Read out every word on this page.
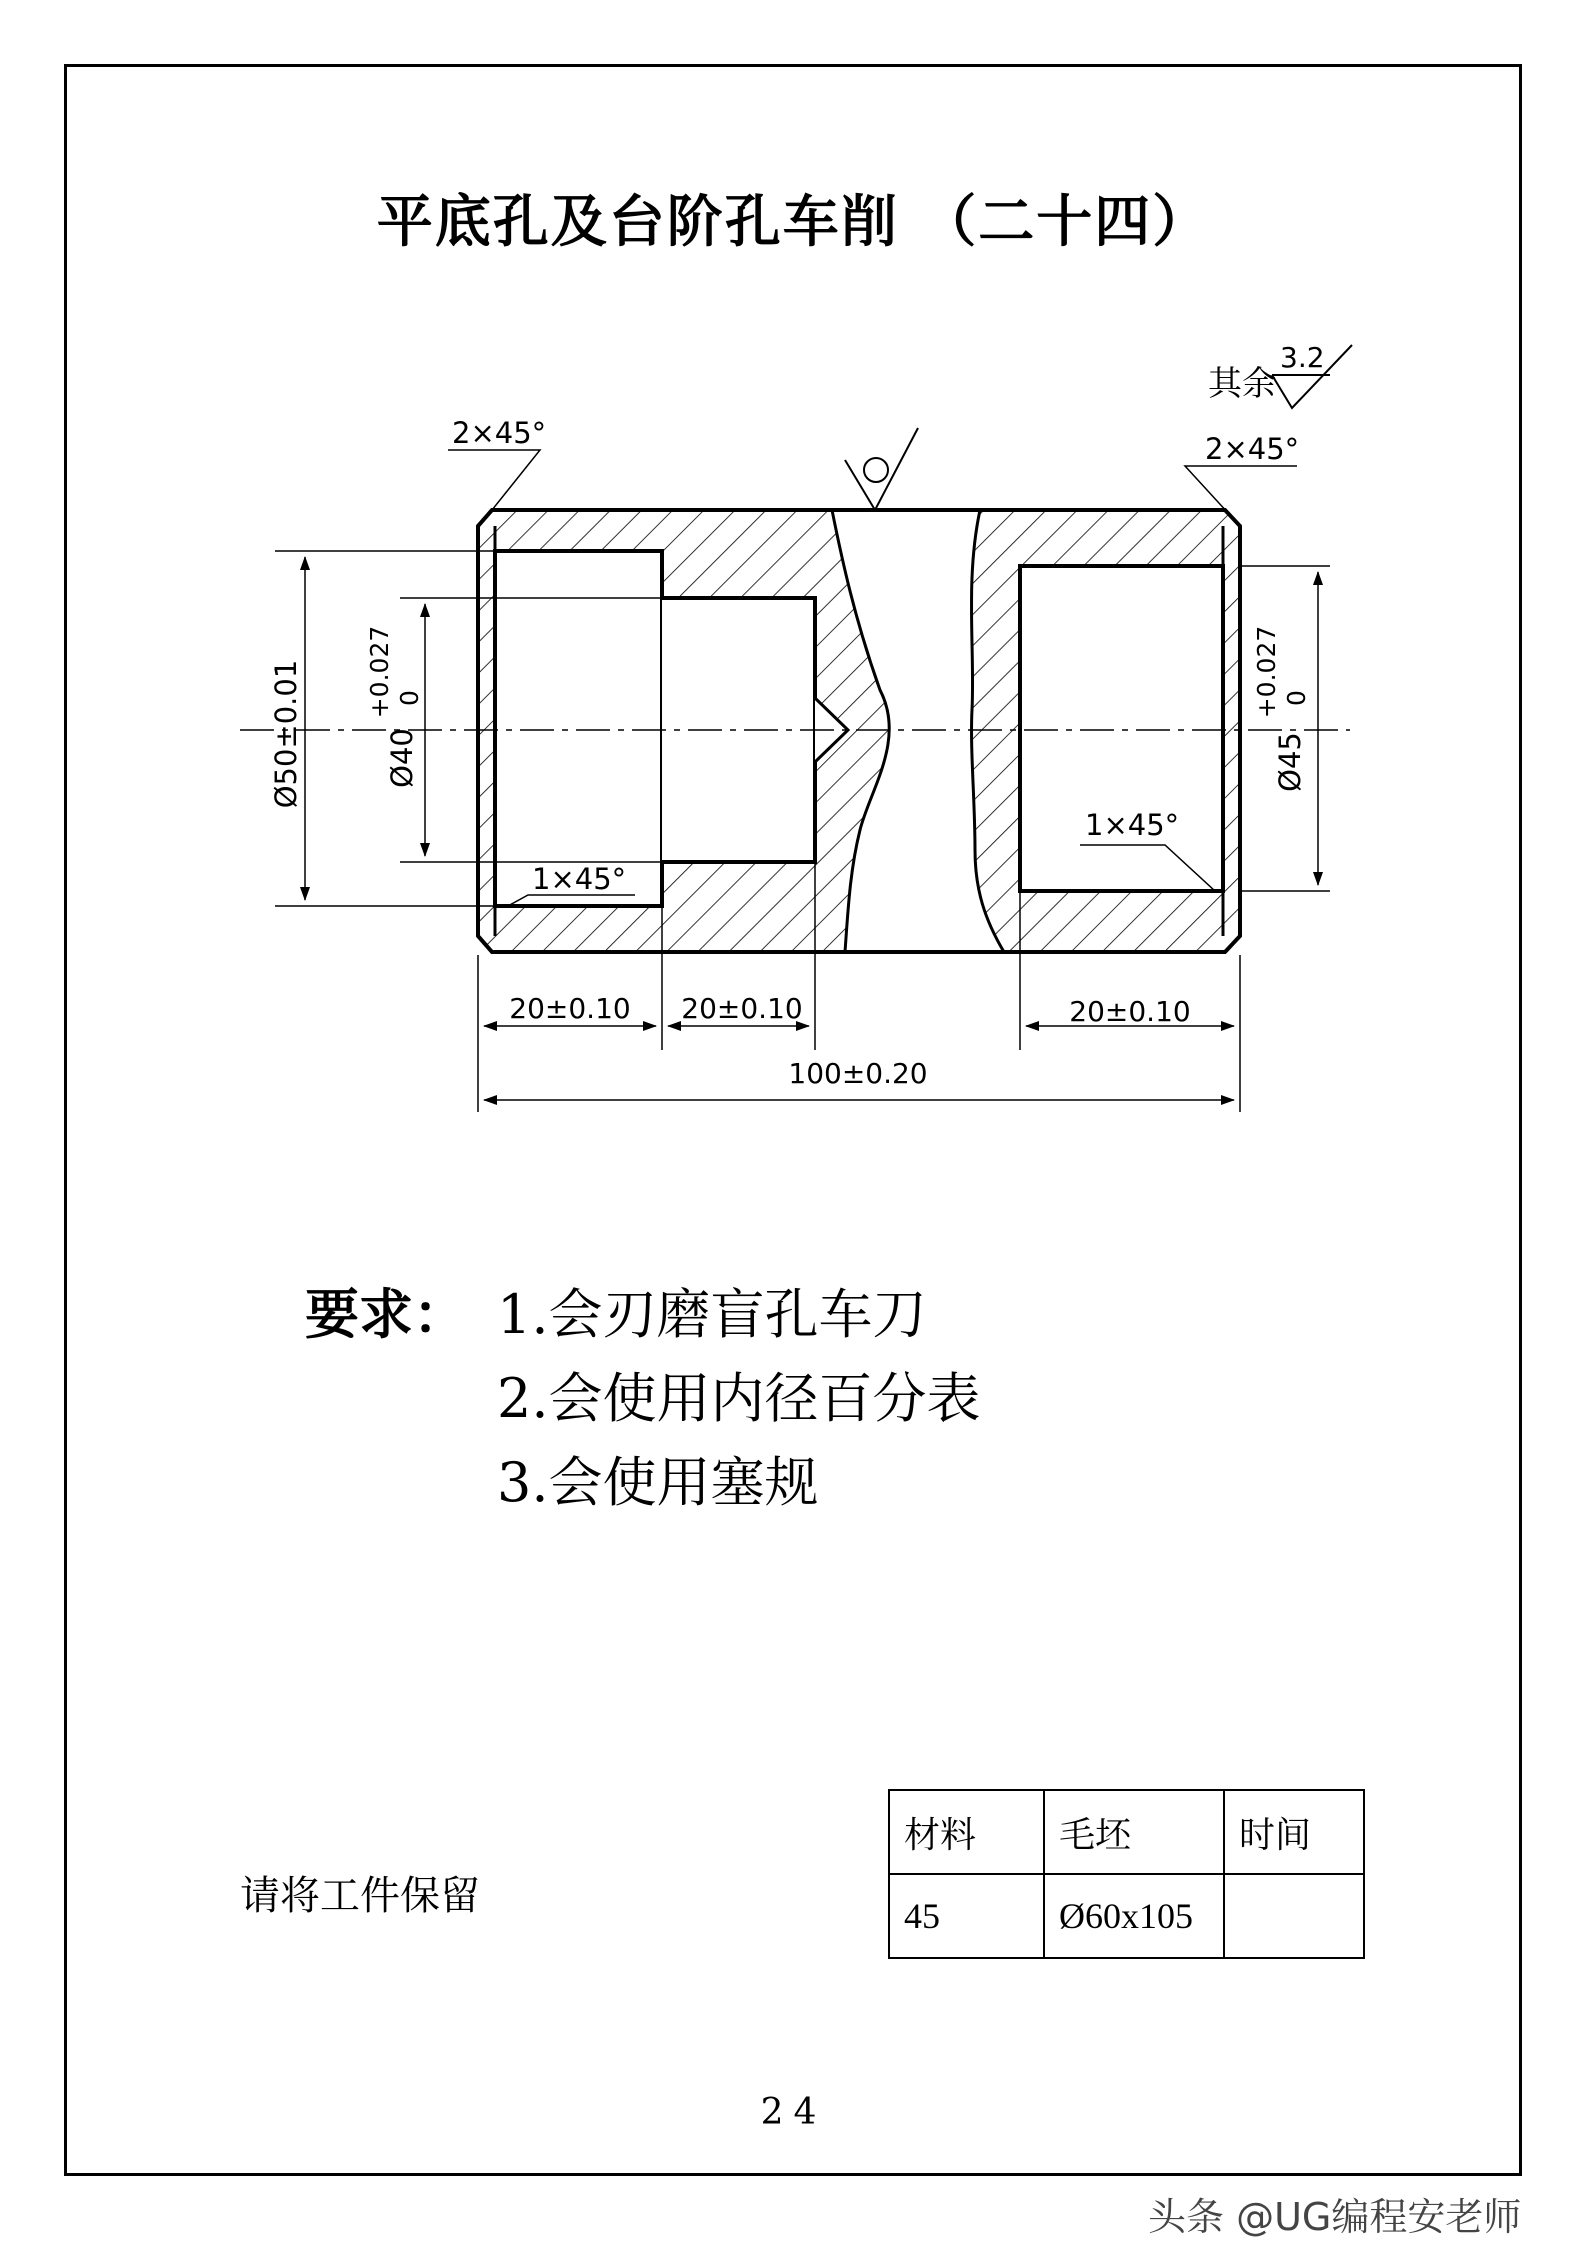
平底孔及台阶孔车削 （二十四）
Ø50±0.01	Ø40
+0.027 0
Ø45
+0.027 0
2×45°	2×45°
1×45°
1×45°
其余
3.2
20±0.10 20±0.10	20±0.10
100±0.20
要求： 1.会刃磨盲孔车刀
2.会使用内径百分表
3.会使用塞规
请将工件保留
材料	毛坯	时间
45	Ø60x105	
24
头条 @UG编程安老师
